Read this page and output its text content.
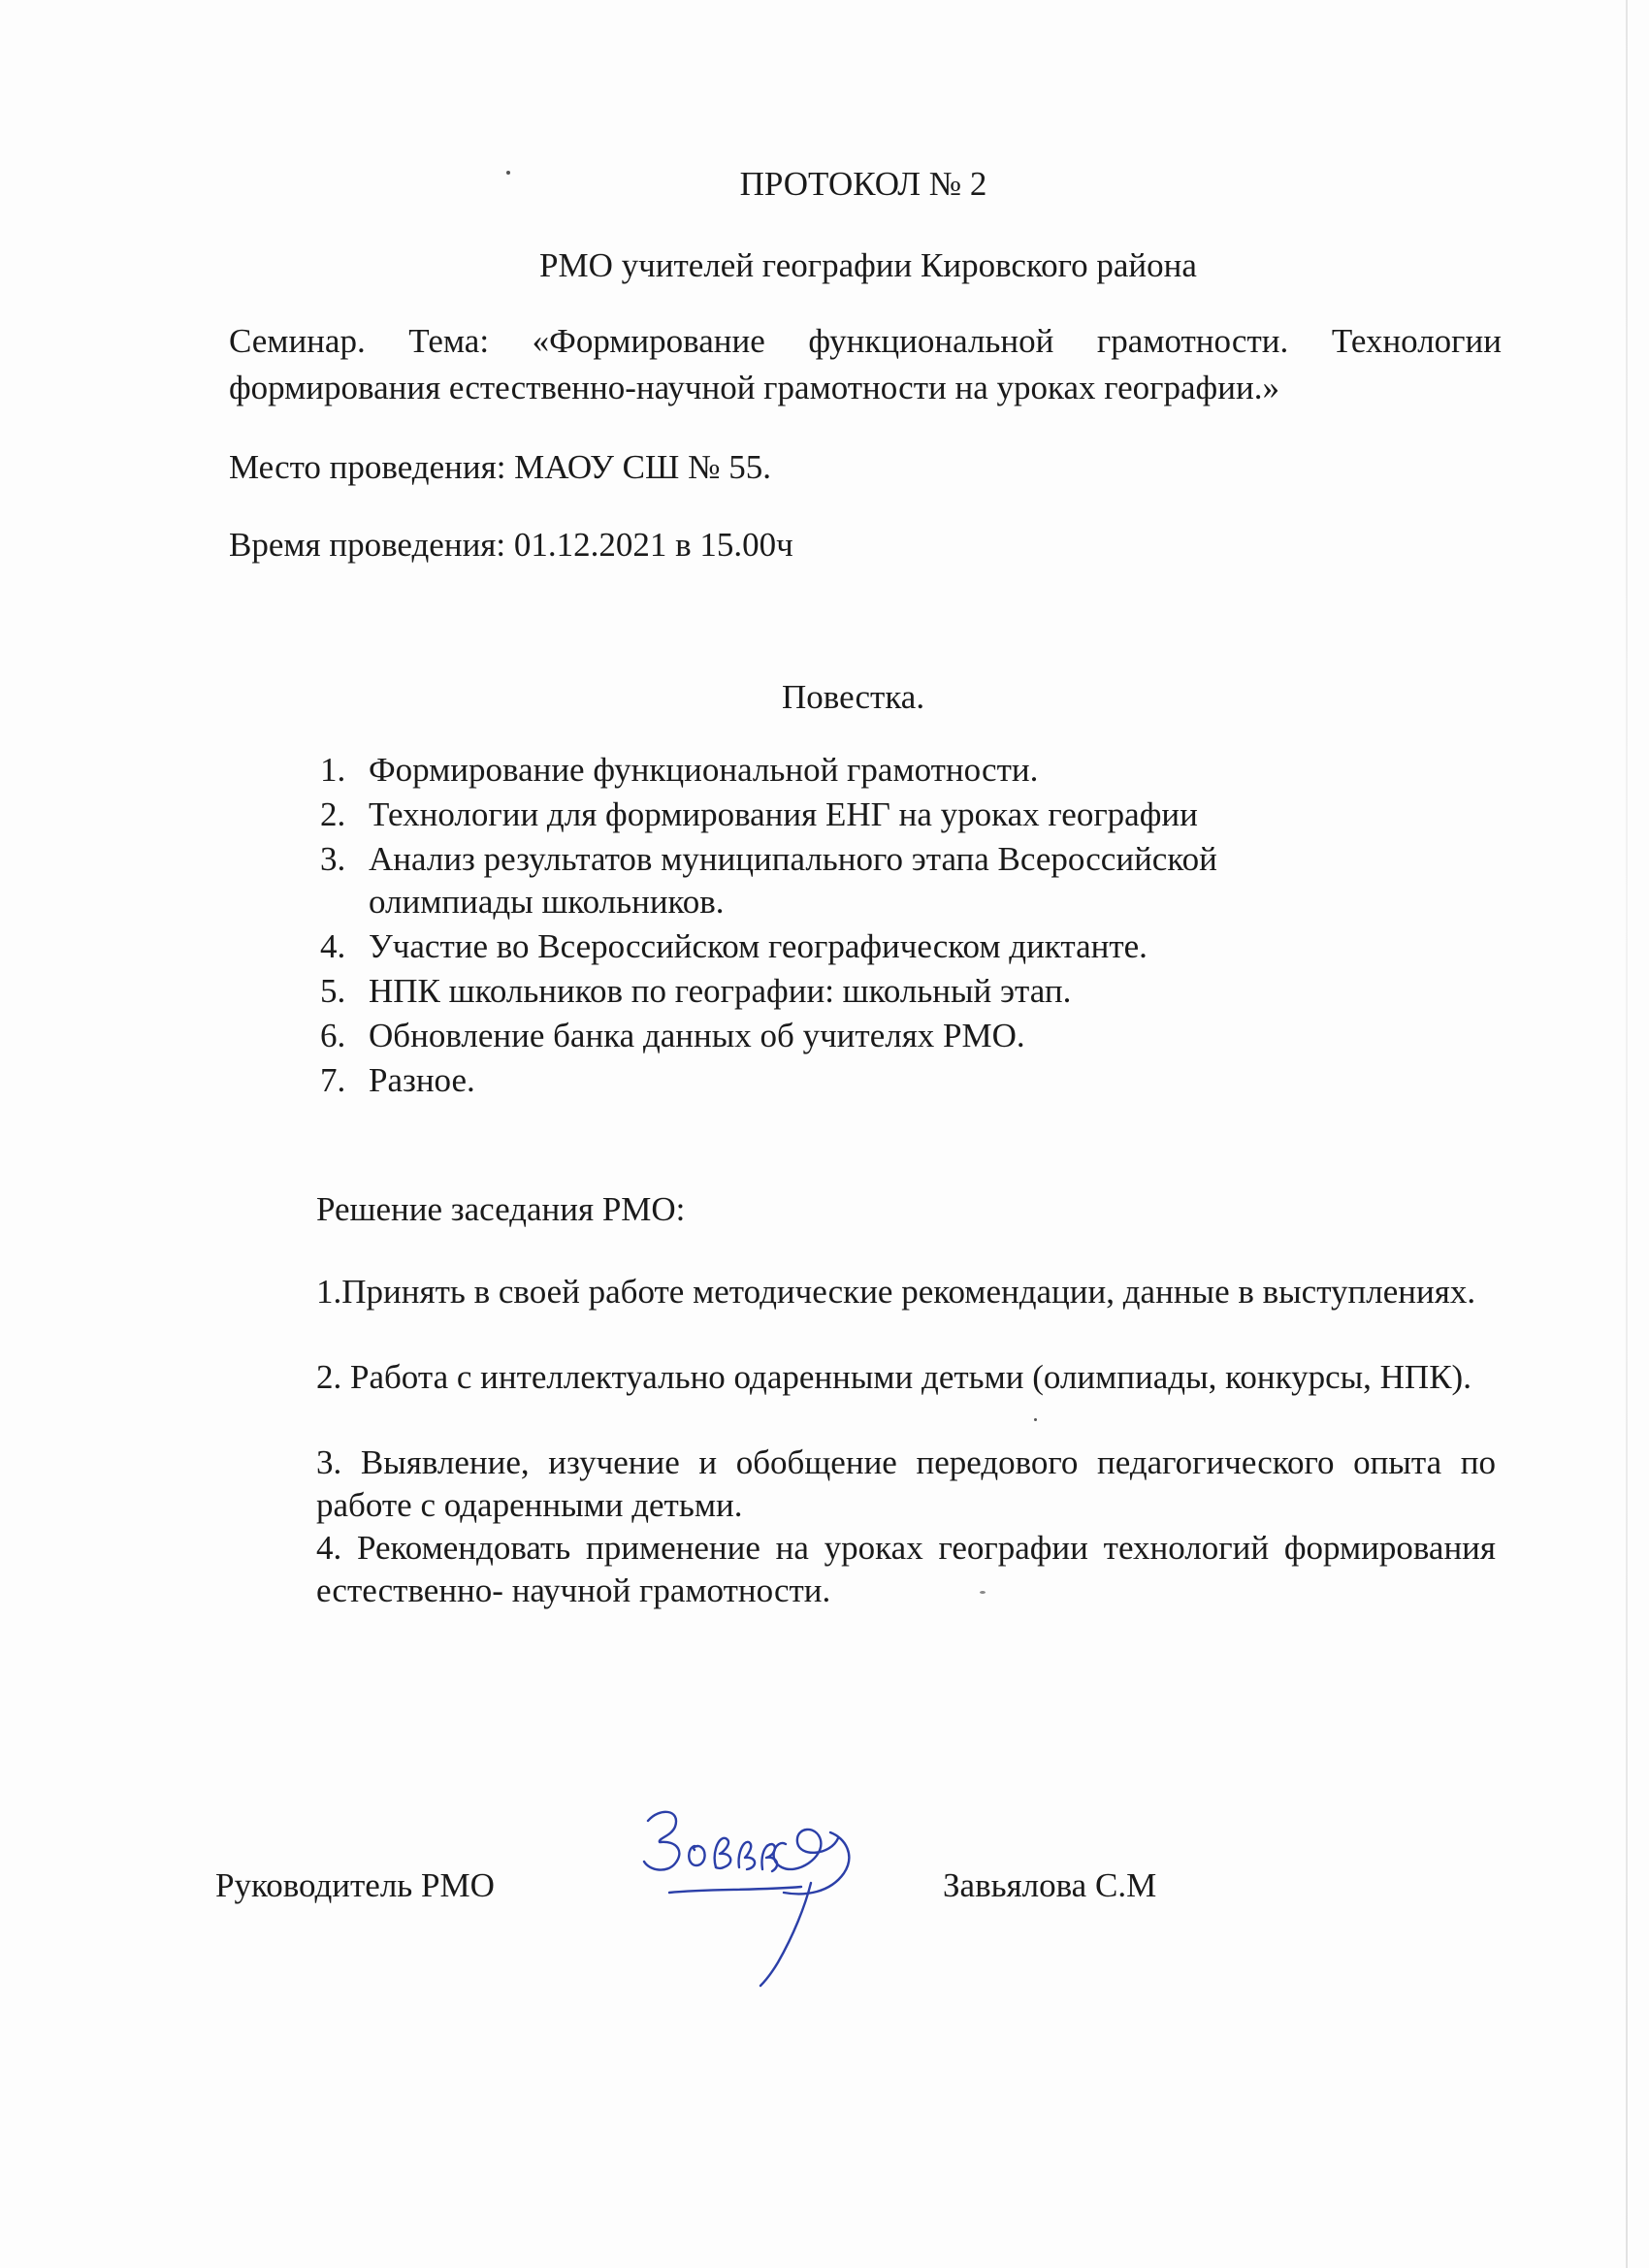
ПРОТОКОЛ № 2
РМО учителей географии Кировского района
Семинар. Тема: «Формирование функциональной грамотности. Технологии
формирования естественно-научной грамотности на уроках географии.»
Место проведения: МАОУ СШ № 55.
Время проведения: 01.12.2021 в 15.00ч
Повестка.
1. Формирование функциональной грамотности.
2. Технологии для формирования ЕНГ на уроках географии
3. Анализ результатов муниципального этапа Всероссийской олимпиады школьников.
4. Участие во Всероссийском географическом диктанте.
5. НПК школьников по географии: школьный этап.
6. Обновление банка данных об учителях РМО.
7. Разное.
Решение заседания РМО:
1.Принять в своей работе методические рекомендации, данные в выступлениях.
2. Работа с интеллектуально одаренными детьми (олимпиады, конкурсы, НПК).
3. Выявление, изучение и обобщение передового педагогического опыта по работе с одаренными детьми.
4. Рекомендовать применение на уроках географии технологий формирования естественно- научной грамотности.
Руководитель РМО	Завьялова С.М
